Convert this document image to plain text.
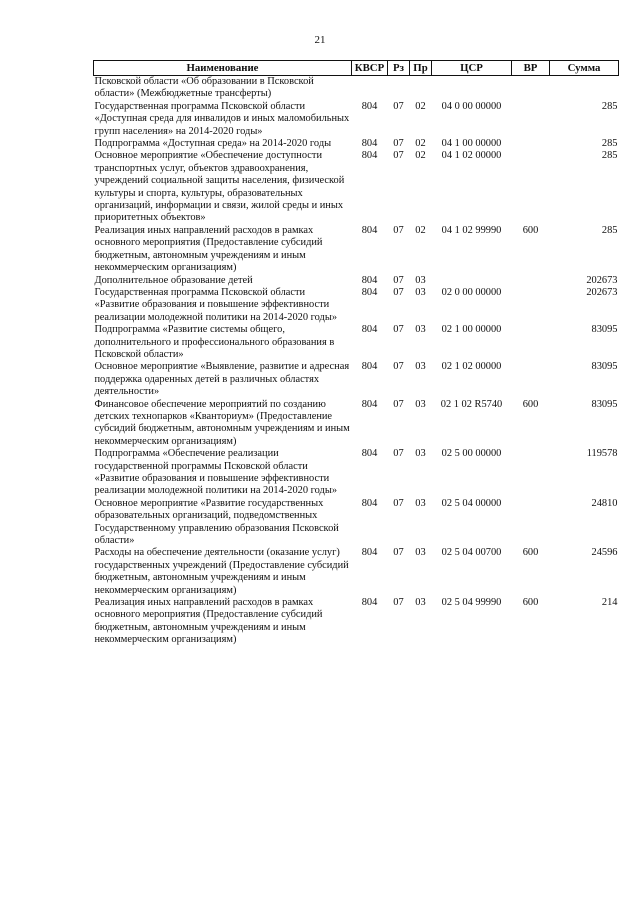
21
Наименование	КВСР	Рз	Пр	ЦСР	ВР	Сумма
Псковской области «Об образовании в Псковской области» (Межбюджетные трансферты)						
Государственная программа Псковской области «Доступная среда для инвалидов и иных маломобильных групп населения» на 2014-2020 годы»	804	07	02	04 0 00 00000		285
Подпрограмма «Доступная среда» на 2014-2020 годы	804	07	02	04 1 00 00000		285
Основное мероприятие «Обеспечение доступности транспортных услуг, объектов здравоохранения, учреждений социальной защиты населения, физической культуры и спорта, культуры, образовательных организаций, информации и связи, жилой среды и иных приоритетных объектов»	804	07	02	04 1 02 00000		285
Реализация иных направлений расходов в рамках основного мероприятия (Предоставление субсидий бюджетным, автономным учреждениям и иным некоммерческим организациям)	804	07	02	04 1 02 99990	600	285
Дополнительное образование детей	804	07	03			202673
Государственная программа Псковской области «Развитие образования и повышение эффективности реализации молодежной политики на 2014-2020 годы»	804	07	03	02 0 00 00000		202673
Подпрограмма «Развитие системы общего, дополнительного и профессионального образования в Псковской области»	804	07	03	02 1 00 00000		83095
Основное мероприятие «Выявление, развитие и адресная поддержка одаренных детей в различных областях деятельности»	804	07	03	02 1 02 00000		83095
Финансовое обеспечение мероприятий по созданию детских технопарков «Кванториум» (Предоставление субсидий бюджетным, автономным учреждениям и иным некоммерческим организациям)	804	07	03	02 1 02 R5740	600	83095
Подпрограмма «Обеспечение реализации государственной программы Псковской области «Развитие образования и повышение эффективности реализации молодежной политики на 2014-2020 годы»	804	07	03	02 5 00 00000		119578
Основное мероприятие «Развитие государственных образовательных организаций, подведомственных Государственному управлению образования Псковской области»	804	07	03	02 5 04 00000		24810
Расходы на обеспечение деятельности (оказание услуг) государственных учреждений (Предоставление субсидий бюджетным, автономным учреждениям и иным некоммерческим организациям)	804	07	03	02 5 04 00700	600	24596
Реализация иных направлений расходов в рамках основного мероприятия (Предоставление субсидий бюджетным, автономным учреждениям и иным некоммерческим организациям)	804	07	03	02 5 04 99990	600	214
